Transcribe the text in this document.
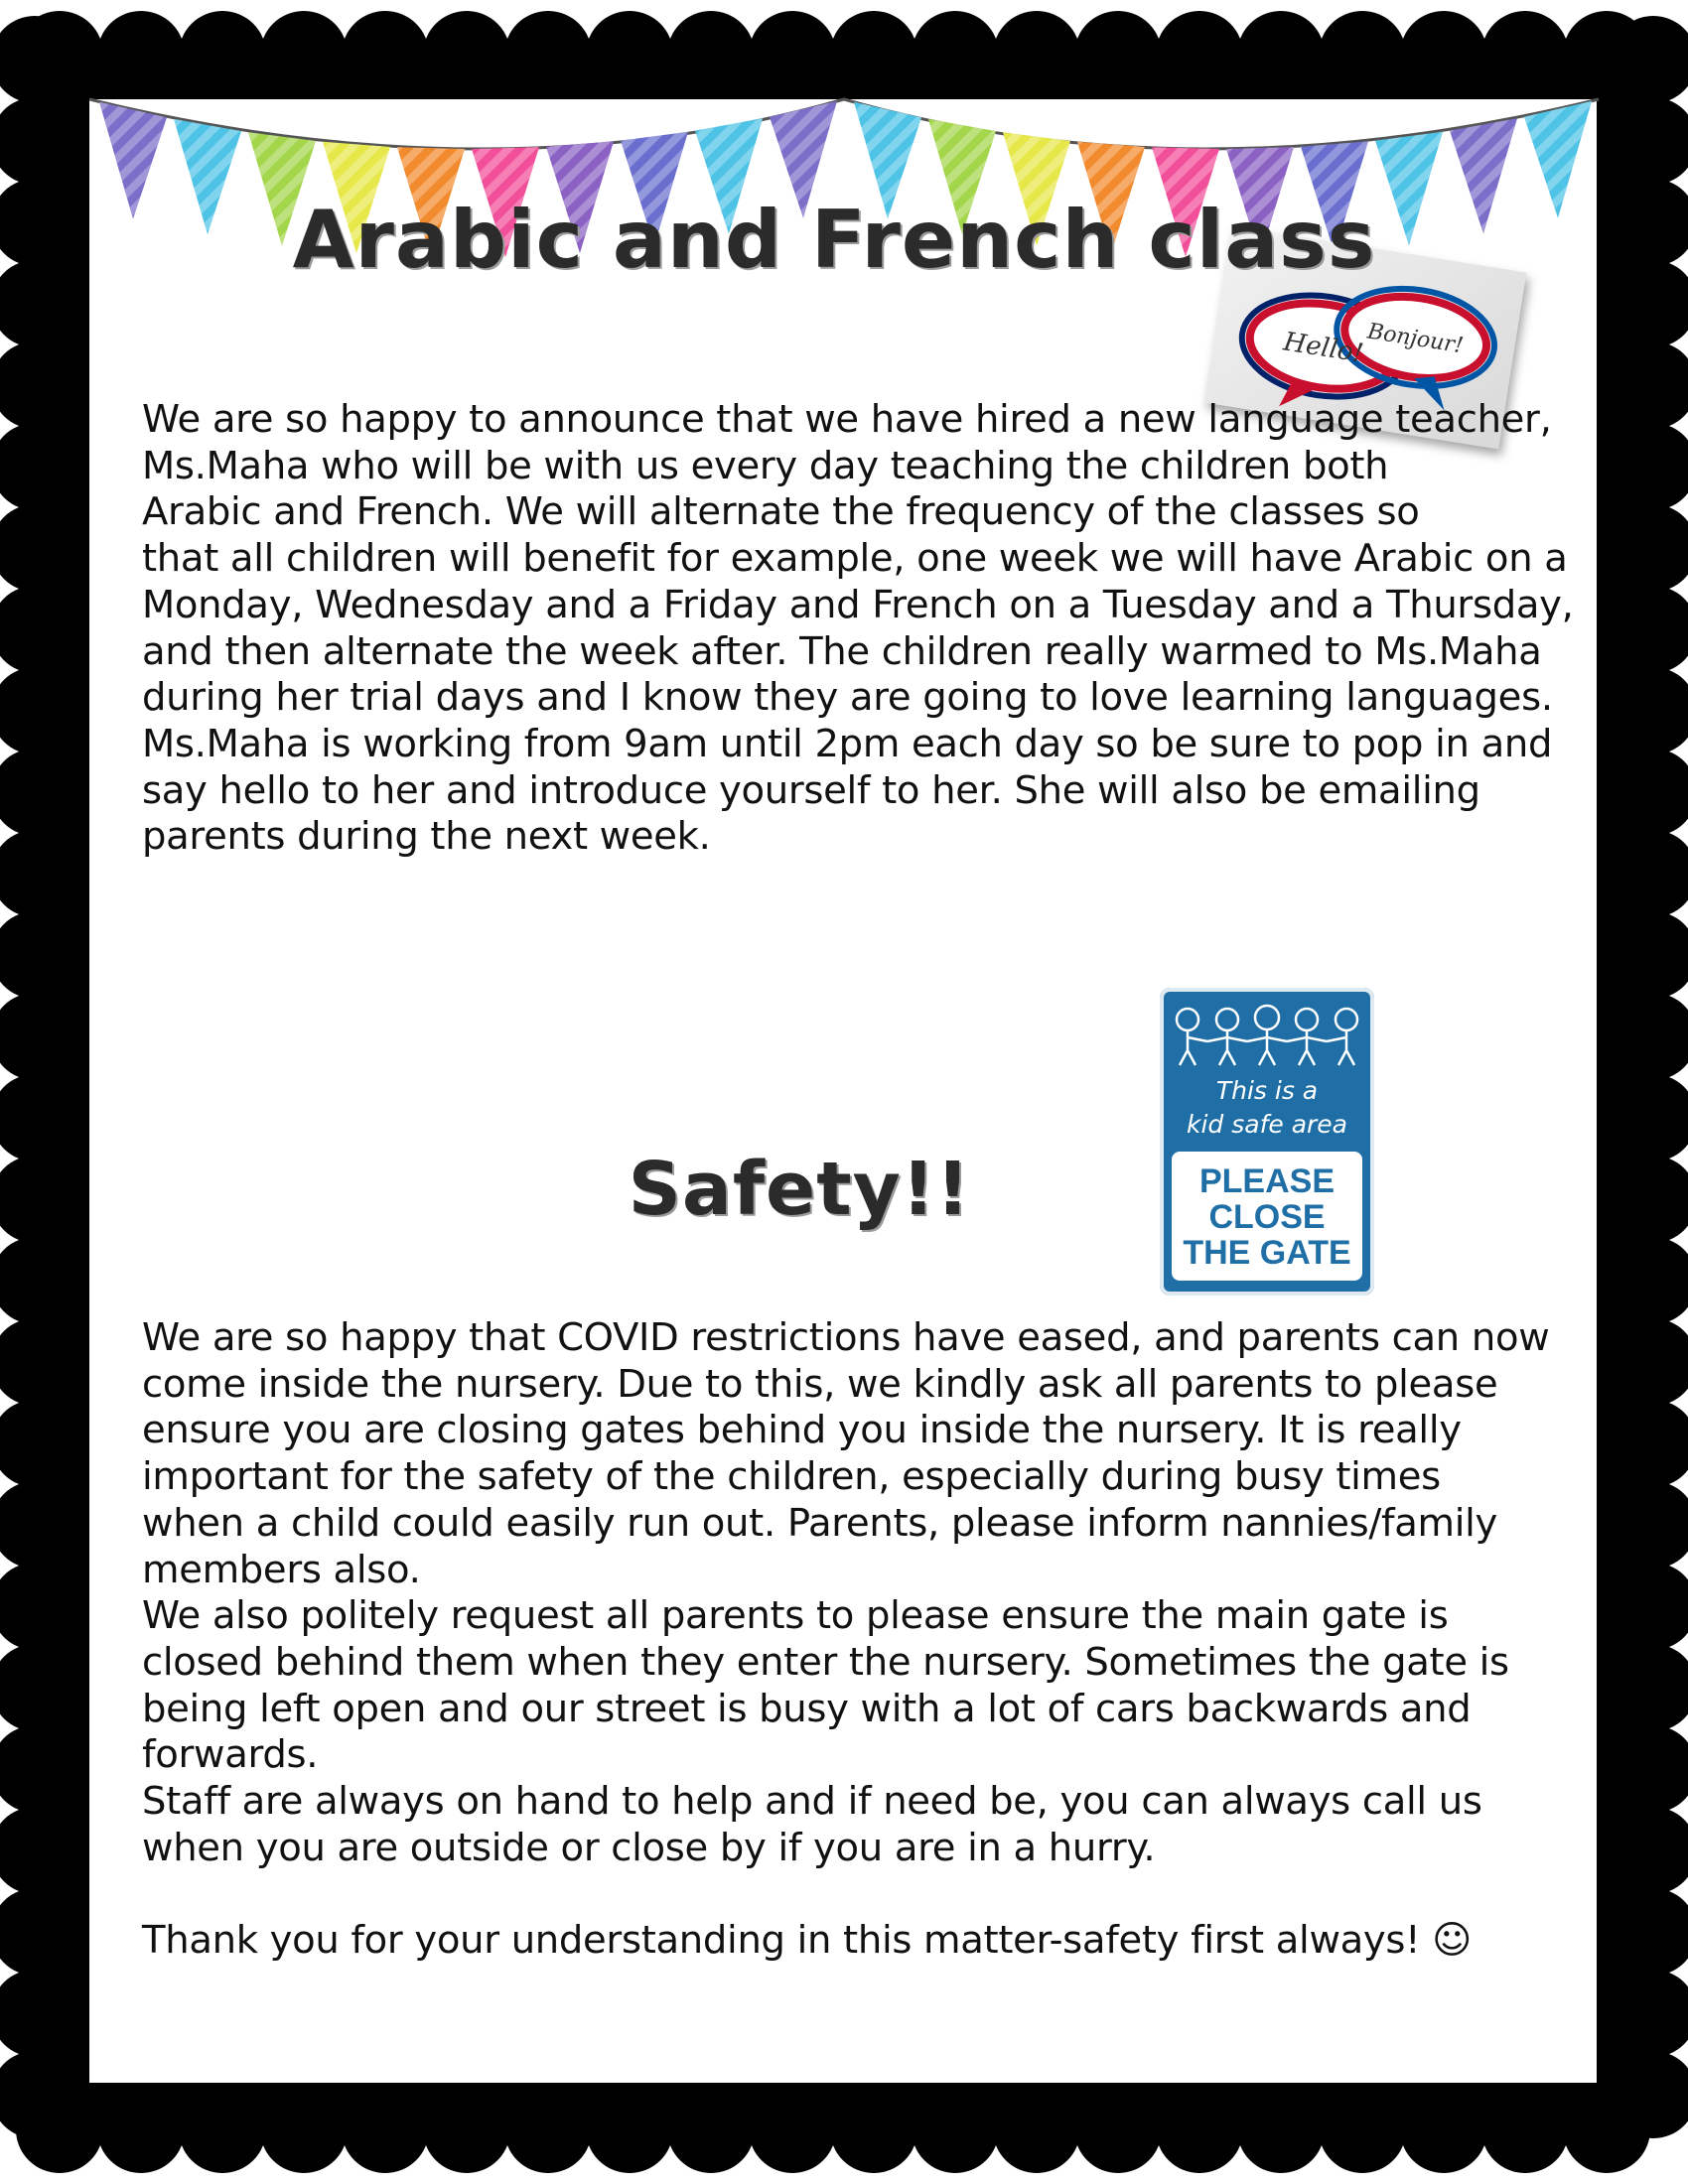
Hello! Bonjour!
Arabic and French class
We are so happy to announce that we have hired a new language teacher,
Ms.Maha who will be with us every day teaching the children both
Arabic and French. We will alternate the frequency of the classes so
that all children will benefit for example, one week we will have Arabic on a
Monday, Wednesday and a Friday and French on a Tuesday and a Thursday,
and then alternate the week after. The children really warmed to Ms.Maha
during her trial days and I know they are going to love learning languages.
Ms.Maha is working from 9am until 2pm each day so be sure to pop in and
say hello to her and introduce yourself to her. She will also be emailing
parents during the next week.
Safety!!
This is a
kid safe area
PLEASE
CLOSE
THE GATE
We are so happy that COVID restrictions have eased, and parents can now
come inside the nursery. Due to this, we kindly ask all parents to please
ensure you are closing gates behind you inside the nursery. It is really
important for the safety of the children, especially during busy times
when a child could easily run out. Parents, please inform nannies/family
members also.
We also politely request all parents to please ensure the main gate is
closed behind them when they enter the nursery. Sometimes the gate is
being left open and our street is busy with a lot of cars backwards and
forwards.
Staff are always on hand to help and if need be, you can always call us
when you are outside or close by if you are in a hurry.

Thank you for your understanding in this matter-safety first always! ☺
